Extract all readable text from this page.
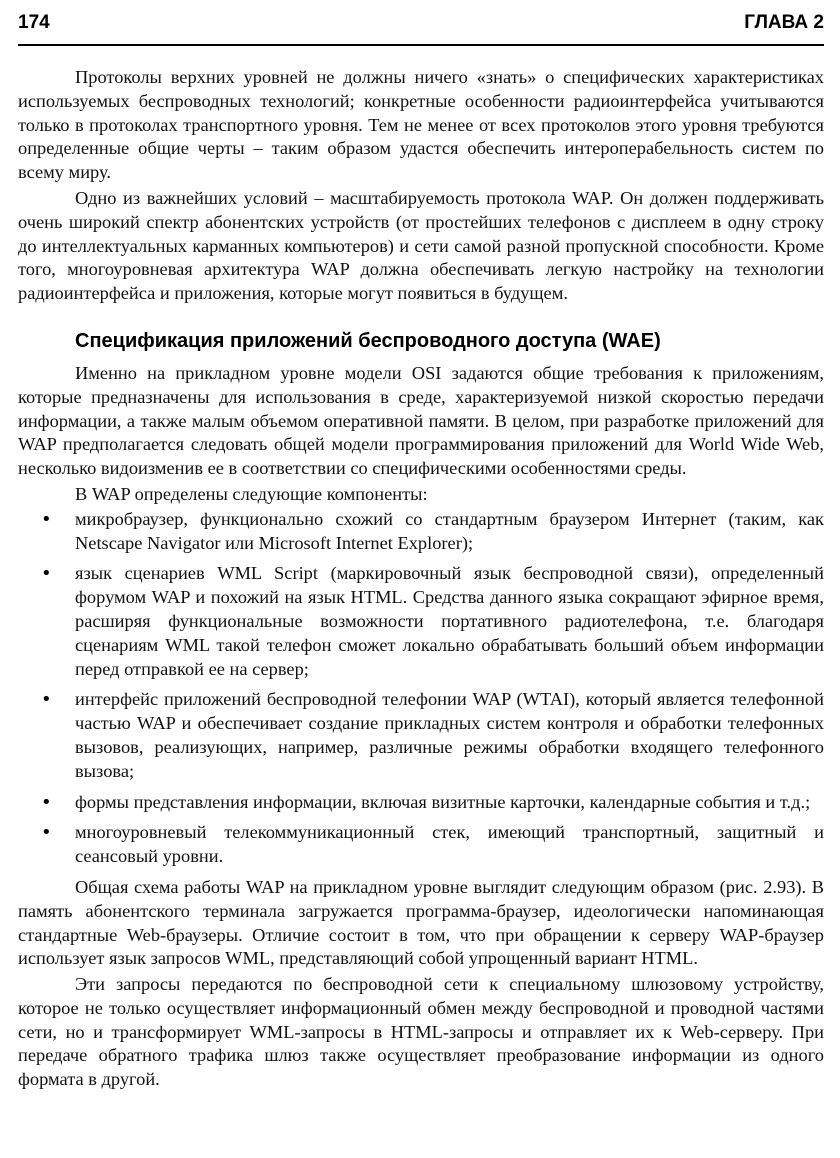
174	ГЛАВА 2

Протоколы верхних уровней не должны ничего «знать» о специфических характеристиках используемых беспроводных технологий; конкретные особенности радиоинтерфейса учитываются только в протоколах транспортного уровня. Тем не менее от всех протоколов этого уровня требуются определенные общие черты – таким образом удастся обеспечить интероперабельность систем по всему миру.

Одно из важнейших условий – масштабируемость протокола WAP. Он должен поддерживать очень широкий спектр абонентских устройств (от простейших телефонов с дисплеем в одну строку до интеллектуальных карманных компьютеров) и сети самой разной пропускной способности. Кроме того, многоуровневая архитектура WAP должна обеспечивать легкую настройку на технологии радиоинтерфейса и приложения, которые могут появиться в будущем.

Спецификация приложений беспроводного доступа (WAE)

Именно на прикладном уровне модели OSI задаются общие требования к приложениям, которые предназначены для использования в среде, характеризуемой низкой скоростью передачи информации, а также малым объемом оперативной памяти. В целом, при разработке приложений для WAP предполагается следовать общей модели программирования приложений для World Wide Web, несколько видоизменив ее в соответствии со специфическими особенностями среды.

В WAP определены следующие компоненты:

• микробраузер, функционально схожий со стандартным браузером Интернет (таким, как Netscape Navigator или Microsoft Internet Explorer);
• язык сценариев WML Script (маркировочный язык беспроводной связи), определенный форумом WAP и похожий на язык HTML. Средства данного языка сокращают эфирное время, расширяя функциональные возможности портативного радиотелефона, т.е. благодаря сценариям WML такой телефон сможет локально обрабатывать больший объем информации перед отправкой ее на сервер;
• интерфейс приложений беспроводной телефонии WAP (WTAI), который является телефонной частью WAP и обеспечивает создание прикладных систем контроля и обработки телефонных вызовов, реализующих, например, различные режимы обработки входящего телефонного вызова;
• формы представления информации, включая визитные карточки, календарные события и т.д.;
• многоуровневый телекоммуникационный стек, имеющий транспортный, защитный и сеансовый уровни.

Общая схема работы WAP на прикладном уровне выглядит следующим образом (рис. 2.93). В память абонентского терминала загружается программа-браузер, идеологически напоминающая стандартные Web-браузеры. Отличие состоит в том, что при обращении к серверу WAP-браузер использует язык запросов WML, представляющий собой упрощенный вариант HTML.

Эти запросы передаются по беспроводной сети к специальному шлюзовому устройству, которое не только осуществляет информационный обмен между беспроводной и проводной частями сети, но и трансформирует WML-запросы в HTML-запросы и отправляет их к Web-серверу. При передаче обратного трафика шлюз также осуществляет преобразование информации из одного формата в другой.
